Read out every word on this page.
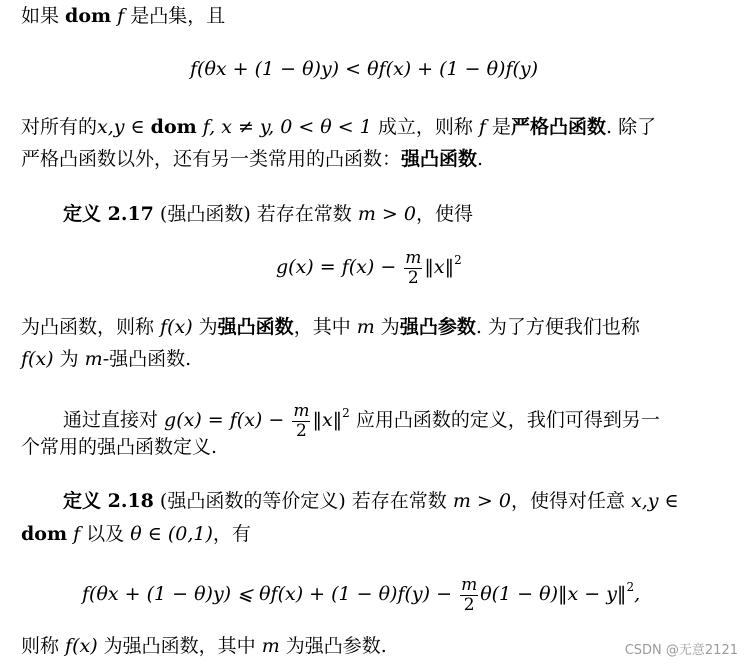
如果 dom f 是凸集，且
f(θx + (1 − θ)y) < θf(x) + (1 − θ)f(y)
对所有的x,y ∈ dom f, x ≠ y, 0 < θ < 1 成立，则称 f 是严格凸函数. 除了
严格凸函数以外，还有另一类常用的凸函数：强凸函数.
定义 2.17 (强凸函数) 若存在常数 m > 0，使得
$g(x) = f(x) - \frac{m}{2}$ ‖x‖$^2$
为凸函数，则称 f(x) 为强凸函数，其中 m 为强凸参数. 为了方便我们也称
f(x) 为 m-强凸函数.
通过直接对 $g(x) = f(x) - \frac{m}{2}$ ‖x‖$^2$ 应用凸函数的定义，我们可得到另一
个常用的强凸函数定义.
定义 2.18 (强凸函数的等价定义) 若存在常数 m > 0，使得对任意 x,y ∈
dom f 以及 θ ∈ (0,1)，有
f(θx + (1 − θ)y) ⩽ $\theta f(x) + (1 - \theta)f(y) - \frac{m}{2} \theta(1$ − θ)‖x − y‖$^2$,
则称 f(x) 为强凸函数，其中 m 为强凸参数.	CSDN @无意2121
